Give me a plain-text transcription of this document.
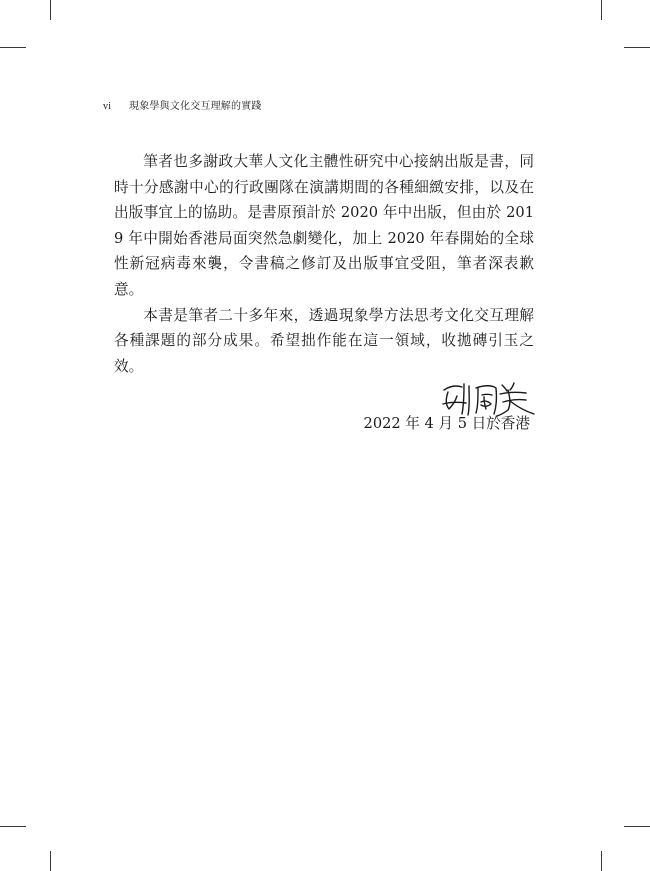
vi 現象學與文化交互理解的實踐

筆者也多謝政大華人文化主體性研究中心接納出版是書，同時十分感謝中心的行政團隊在演講期間的各種細緻安排，以及在出版事宜上的協助。是書原預計於 2020 年中出版，但由於 2019 年中開始香港局面突然急劇變化，加上 2020 年春開始的全球性新冠病毒來襲，令書稿之修訂及出版事宜受阻，筆者深表歉意。

本書是筆者二十多年來，透過現象學方法思考文化交互理解各種課題的部分成果。希望拙作能在這一領域，收拋磚引玉之效。

2022 年 4 月 5 日於香港
